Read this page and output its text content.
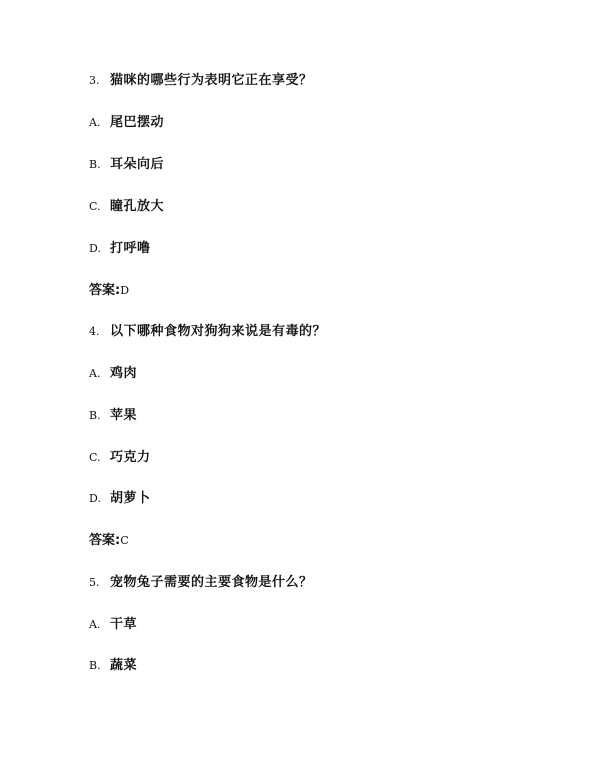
3. 猫咪的哪些行为表明它正在享受？
A. 尾巴摆动
B. 耳朵向后
C. 瞳孔放大
D. 打呼噜
答案:D
4. 以下哪种食物对狗狗来说是有毒的？
A. 鸡肉
B. 苹果
C. 巧克力
D. 胡萝卜
答案:C
5. 宠物兔子需要的主要食物是什么？
A. 干草
B. 蔬菜
